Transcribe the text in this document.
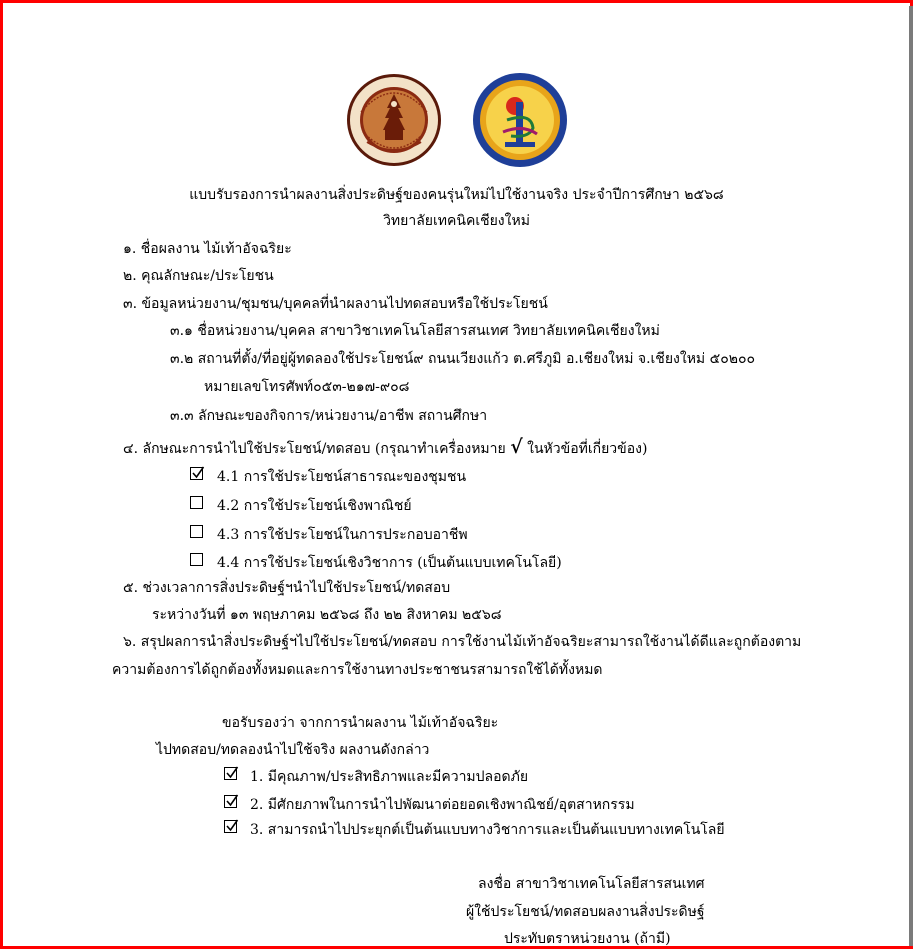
แบบรับรองการนำผลงานสิ่งประดิษฐ์ของคนรุ่นใหม่ไปใช้งานจริง ประจำปีการศึกษา ๒๕๖๘
วิทยาลัยเทคนิคเชียงใหม่
๑. ชื่อผลงาน ไม้เท้าอัจฉริยะ
๒. คุณลักษณะ/ประโยชน
๓. ข้อมูลหน่วยงาน/ชุมชน/บุคคลที่นำผลงานไปทดสอบหรือใช้ประโยชน์
๓.๑ ชื่อหน่วยงาน/บุคคล สาขาวิชาเทคโนโลยีสารสนเทศ วิทยาลัยเทคนิคเชียงใหม่
๓.๒ สถานที่ตั้ง/ที่อยู่ผู้ทดลองใช้ประโยชน์๙ ถนนเวียงแก้ว ต.ศรีภูมิ อ.เชียงใหม่ จ.เชียงใหม่ ๕๐๒๐๐
หมายเลขโทรศัพท์๐๕๓-๒๑๗-๙๐๘
๓.๓ ลักษณะของกิจการ/หน่วยงาน/อาชีพ สถานศึกษา
๔. ลักษณะการนำไปใช้ประโยชน์/ทดสอบ (กรุณาทำเครื่องหมาย √ ในหัวข้อที่เกี่ยวข้อง)
4.1 การใช้ประโยชน์สาธารณะของชุมชน
4.2 การใช้ประโยชน์เชิงพาณิชย์
4.3 การใช้ประโยชน์ในการประกอบอาชีพ
4.4 การใช้ประโยชน์เชิงวิชาการ (เป็นต้นแบบเทคโนโลยี)
๕. ช่วงเวลาการสิ่งประดิษฐ์ฯนำไปใช้ประโยชน์/ทดสอบ
ระหว่างวันที่ ๑๓ พฤษภาคม ๒๕๖๘ ถึง ๒๒ สิงหาคม ๒๕๖๘
๖. สรุปผลการนำสิ่งประดิษฐ์ฯไปใช้ประโยชน์/ทดสอบ การใช้งานไม้เท้าอัจฉริยะสามารถใช้งานได้ดีและถูกต้องตาม
ความต้องการได้ถูกต้องทั้งหมดและการใช้งานทางประชาชนรสามารถใช้ได้ทั้งหมด
ขอรับรองว่า จากการนำผลงาน ไม้เท้าอัจฉริยะ
ไปทดสอบ/ทดลองนำไปใช้จริง ผลงานดังกล่าว
1. มีคุณภาพ/ประสิทธิภาพและมีความปลอดภัย
2. มีศักยภาพในการนำไปพัฒนาต่อยอดเชิงพาณิชย์/อุตสาหกรรม
3. สามารถนำไปประยุกต์เป็นต้นแบบทางวิชาการและเป็นต้นแบบทางเทคโนโลยี
ลงชื่อ สาขาวิชาเทคโนโลยีสารสนเทศ
ผู้ใช้ประโยชน์/ทดสอบผลงานสิ่งประดิษฐ์
ประทับตราหน่วยงาน (ถ้ามี)
